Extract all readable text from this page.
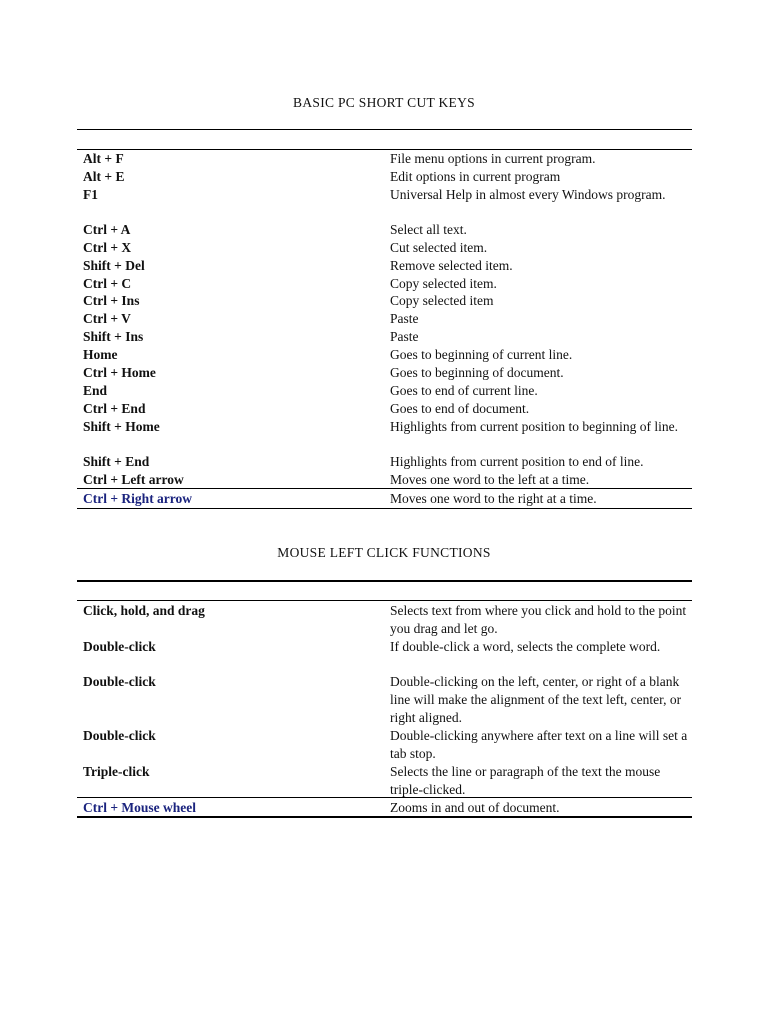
BASIC PC SHORT CUT KEYS
Alt + F	File menu options in current program.
Alt + E	Edit options in current program
F1	Universal Help in almost every Windows program.
Ctrl + A	Select all text.
Ctrl + X	Cut selected item.
Shift + Del	Remove selected item.
Ctrl + C	Copy selected item.
Ctrl + Ins	Copy selected item
Ctrl + V	Paste
Shift + Ins	Paste
Home	Goes to beginning of current line.
Ctrl + Home	Goes to beginning of document.
End	Goes to end of current line.
Ctrl + End	Goes to end of document.
Shift + Home	Highlights from current position to beginning of line.
Shift + End	Highlights from current position to end of line.
Ctrl + Left arrow	Moves one word to the left at a time.
Ctrl + Right arrow	Moves one word to the right at a time.
MOUSE LEFT CLICK FUNCTIONS
Click, hold, and drag	Selects text from where you click and hold to the point you drag and let go.
Double-click	If double-click a word, selects the complete word.
Double-click	Double-clicking on the left, center, or right of a blank line will make the alignment of the text left, center, or right aligned.
Double-click	Double-clicking anywhere after text on a line will set a tab stop.
Triple-click	Selects the line or paragraph of the text the mouse triple-clicked.
Ctrl + Mouse wheel	Zooms in and out of document.
